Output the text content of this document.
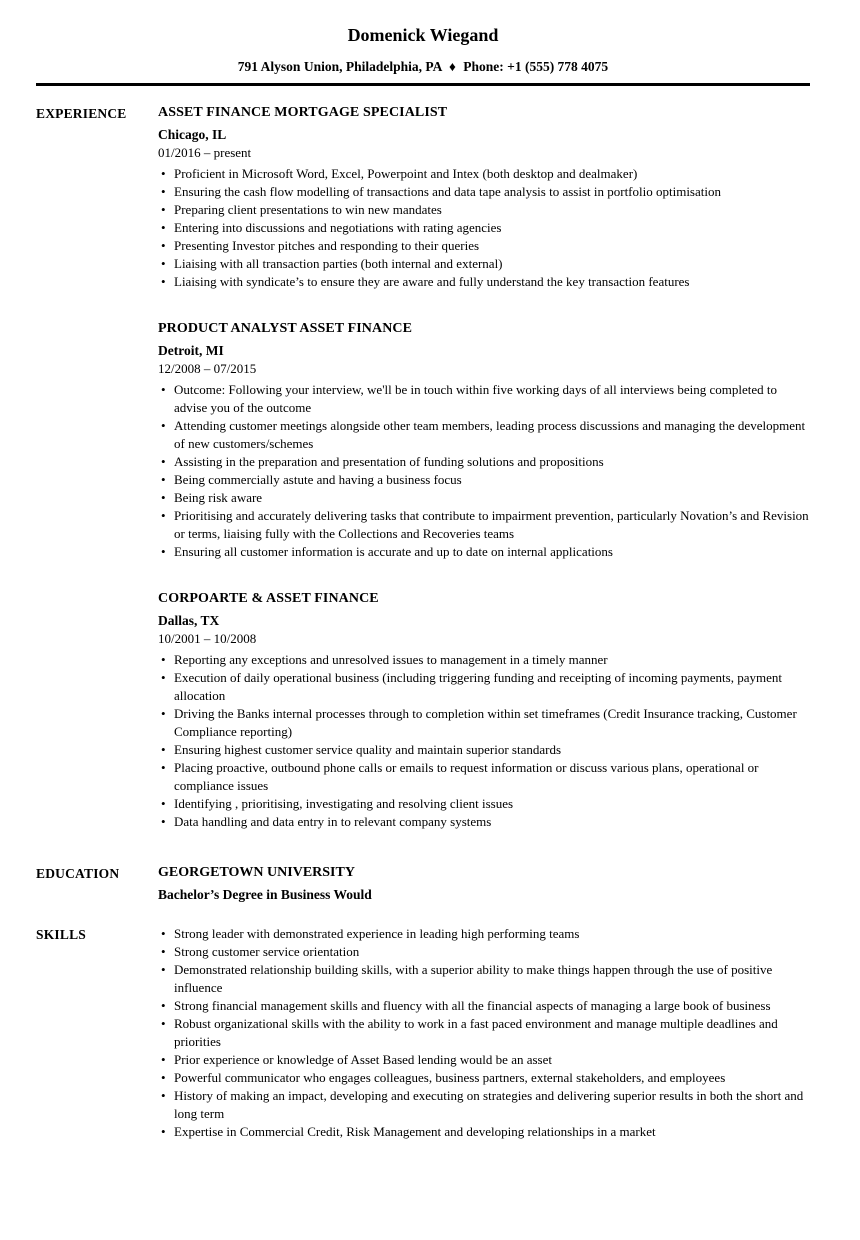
Domenick Wiegand
791 Alyson Union, Philadelphia, PA ♦ Phone: +1 (555) 778 4075
EXPERIENCE	ASSET FINANCE MORTGAGE SPECIALIST
Chicago, IL
01/2016 – present
• Proficient in Microsoft Word, Excel, Powerpoint and Intex (both desktop and dealmaker)
• Ensuring the cash flow modelling of transactions and data tape analysis to assist in portfolio optimisation
• Preparing client presentations to win new mandates
• Entering into discussions and negotiations with rating agencies
• Presenting Investor pitches and responding to their queries
• Liaising with all transaction parties (both internal and external)
• Liaising with syndicate’s to ensure they are aware and fully understand the key transaction features
PRODUCT ANALYST ASSET FINANCE
Detroit, MI
12/2008 – 07/2015
• Outcome: Following your interview, we'll be in touch within five working days of all interviews being completed to advise you of the outcome
• Attending customer meetings alongside other team members, leading process discussions and managing the development of new customers/schemes
• Assisting in the preparation and presentation of funding solutions and propositions
• Being commercially astute and having a business focus
• Being risk aware
• Prioritising and accurately delivering tasks that contribute to impairment prevention, particularly Novation’s and Revision or terms, liaising fully with the Collections and Recoveries teams
• Ensuring all customer information is accurate and up to date on internal applications
CORPOARTE & ASSET FINANCE
Dallas, TX
10/2001 – 10/2008
• Reporting any exceptions and unresolved issues to management in a timely manner
• Execution of daily operational business (including triggering funding and receipting of incoming payments, payment allocation
• Driving the Banks internal processes through to completion within set timeframes (Credit Insurance tracking, Customer Compliance reporting)
• Ensuring highest customer service quality and maintain superior standards
• Placing proactive, outbound phone calls or emails to request information or discuss various plans, operational or compliance issues
• Identifying , prioritising, investigating and resolving client issues
• Data handling and data entry in to relevant company systems
EDUCATION	GEORGETOWN UNIVERSITY
Bachelor’s Degree in Business Would
SKILLS	• Strong leader with demonstrated experience in leading high performing teams
• Strong customer service orientation
• Demonstrated relationship building skills, with a superior ability to make things happen through the use of positive influence
• Strong financial management skills and fluency with all the financial aspects of managing a large book of business
• Robust organizational skills with the ability to work in a fast paced environment and manage multiple deadlines and priorities
• Prior experience or knowledge of Asset Based lending would be an asset
• Powerful communicator who engages colleagues, business partners, external stakeholders, and employees
• History of making an impact, developing and executing on strategies and delivering superior results in both the short and long term
• Expertise in Commercial Credit, Risk Management and developing relationships in a market
